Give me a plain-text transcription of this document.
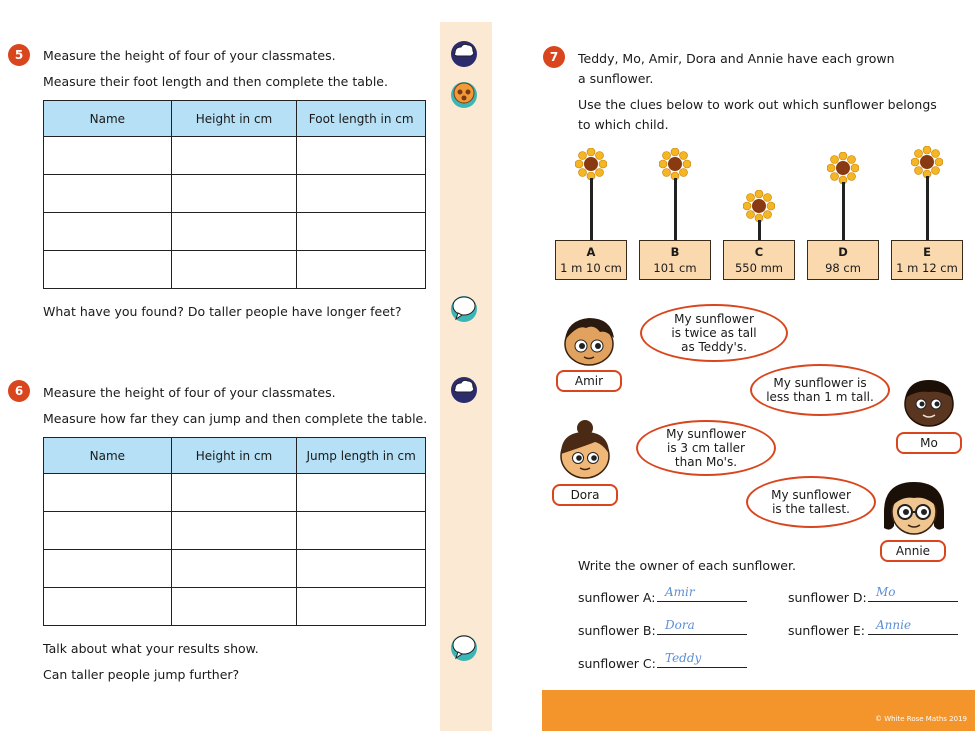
5	Measure the height of four of your classmates.
Measure their foot length and then complete the table.
Name	Height in cm	Foot length in cm

What have you found? Do taller people have longer feet?
6	Measure the height of four of your classmates.
Measure how far they can jump and then complete the table.
Name	Height in cm	Jump length in cm

Talk about what your results show.
Can taller people jump further?
7	Teddy, Mo, Amir, Dora and Annie have each grown
a sunflower.
Use the clues below to work out which sunflower belongs
to which child.
A
1 m 10 cm
B
101 cm
C
550 mm
D
98 cm
E
1 m 12 cm
Amir
My sunflower
is twice as tall
as Teddy's.
My sunflower is
less than 1 m tall.
Mo
Dora
My sunflower
is 3 cm taller
than Mo's.
My sunflower
is the tallest.
Annie
Write the owner of each sunflower.
sunflower A: Amir
sunflower B: Dora
sunflower C: Teddy
sunflower D: Mo
sunflower E: Annie
© White Rose Maths 2019
